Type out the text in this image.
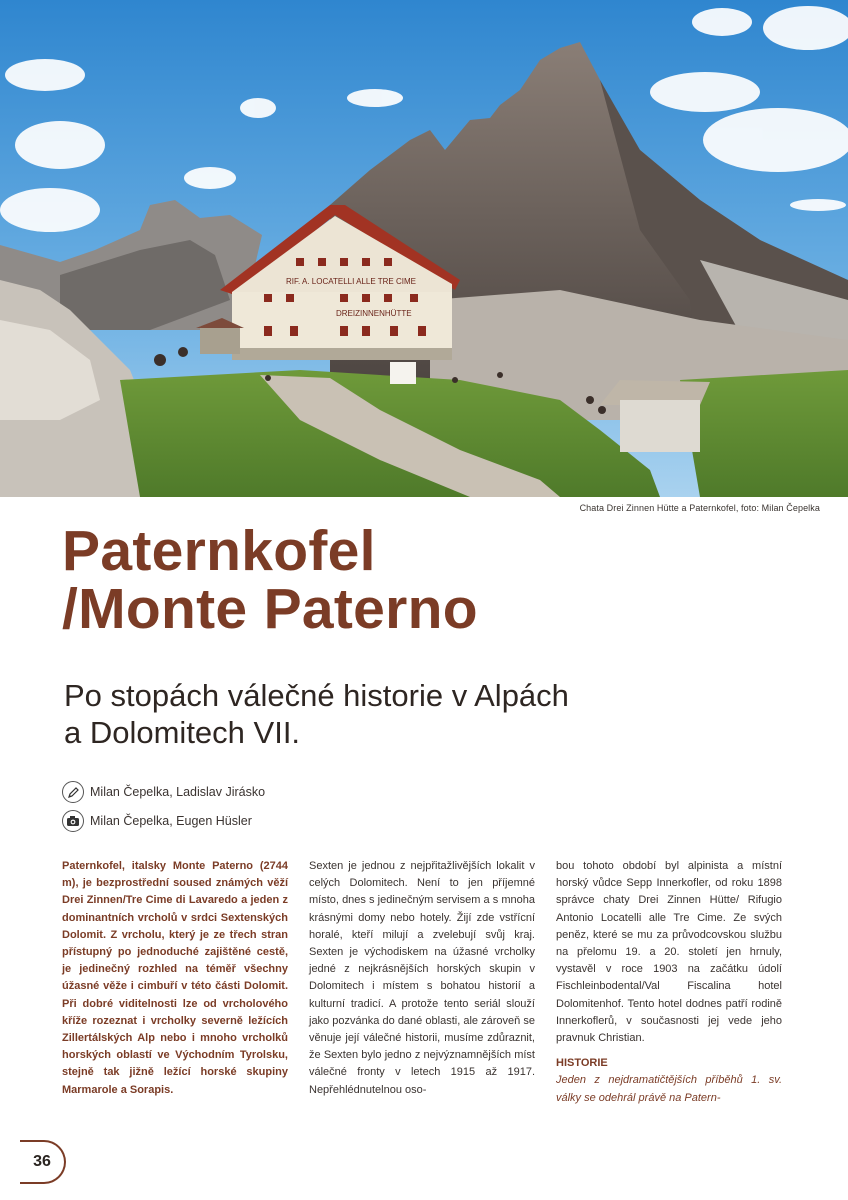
RIF. A. LOCATELLI ALLE TRE CIME
DREIZINNENHÜTTE
Chata Drei Zinnen Hütte a Paternkofel, foto: Milan Čepelka
Paternkofel
/Monte Paterno
Po stopách válečné historie v Alpách
a Dolomitech VII.
Milan Čepelka, Ladislav Jirásko
Milan Čepelka, Eugen Hüsler

Paternkofel, italsky Monte Paterno (2744 m), je bezprostřední soused známých věží Drei Zinnen/Tre Cime di Lavaredo a jeden z dominantních vrcholů v srdci Sextenských Dolomit. Z vrcholu, který je ze třech stran přístupný po jednoduché zajištěné cestě, je jedinečný rozhled na téměř všechny úžasné věže i cimbuří v této části Dolomit. Při dobré viditelnosti lze od vrcholového kříže rozeznat i vrcholky severně ležících Zillertálských Alp nebo i mnoho vrcholků horských oblastí ve Východním Tyrolsku, stejně tak jižně ležící horské skupiny Marmarole a Sorapis.

Sexten je jednou z nejpřitažlivějších lokalit v celých Dolomitech. Není to jen příjemné místo, dnes s jedinečným servisem a s mnoha krásnými domy nebo hotely. Žijí zde vstřícní horalé, kteří milují a zvelebují svůj kraj. Sexten je východiskem na úžasné vrcholky jedné z nejkrásnějších horských skupin v Dolomitech i místem s bohatou historií a kulturní tradicí. A protože tento seriál slouží jako pozvánka do dané oblasti, ale zároveň se věnuje její válečné historii, musíme zdůraznit, že Sexten bylo jedno z nejvýznamnějších míst válečné fronty v letech 1915 až 1917. Nepřehlédnutelnou oso-

bou tohoto období byl alpinista a místní horský vůdce Sepp Innerkofler, od roku 1898 správce chaty Drei Zinnen Hütte/ Rifugio Antonio Locatelli alle Tre Cime. Ze svých peněz, které se mu za průvodcovskou službu na přelomu 19. a 20. století jen hrnuly, vystavěl v roce 1903 na začátku údolí Fischleinbodental/Val Fiscalina hotel Dolomitenhof. Tento hotel dodnes patří rodině Innerkoflerů, v současnosti jej vede jeho pravnuk Christian.

HISTORIE

Jeden z nejdramatičtějších příběhů 1. sv. války se odehrál právě na Patern-

36
